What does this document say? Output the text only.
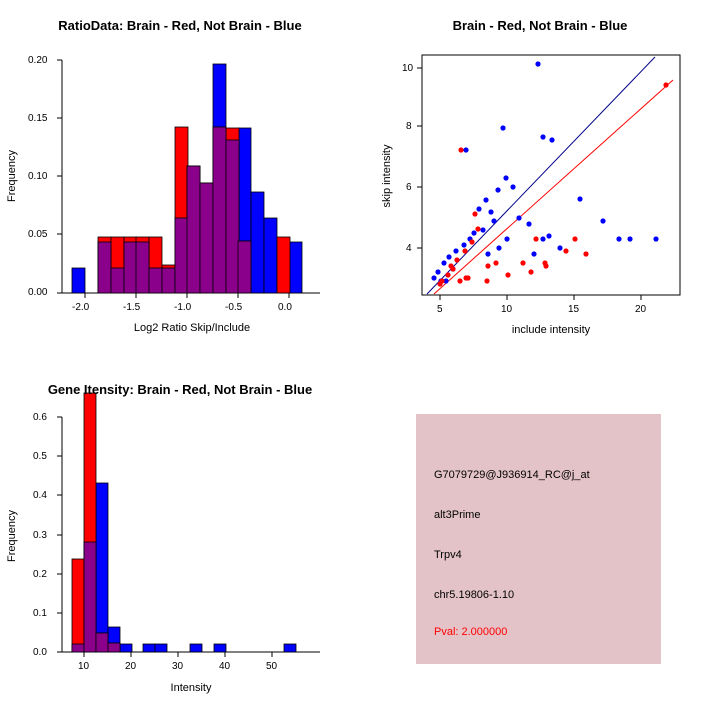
RatioData: Brain - Red, Not Brain - Blue
0.00
0.05
0.10
0.15
0.20
-2.0	-1.5	-1.0	-0.5	0.0
Log2 Ratio Skip/Include
Frequency
Brain - Red, Not Brain - Blue
4
6
8
10
5	10	15	20
include intensity
skip intensity
Gene Itensity: Brain - Red, Not Brain - Blue
0.0
0.1
0.2
0.3
0.4
0.5
0.6
10	20	30	40	50
Intensity
Frequency
G7079729@J936914_RC@j_at
alt3Prime
Trpv4
chr5.19806-1.10
Pval: 2.000000
